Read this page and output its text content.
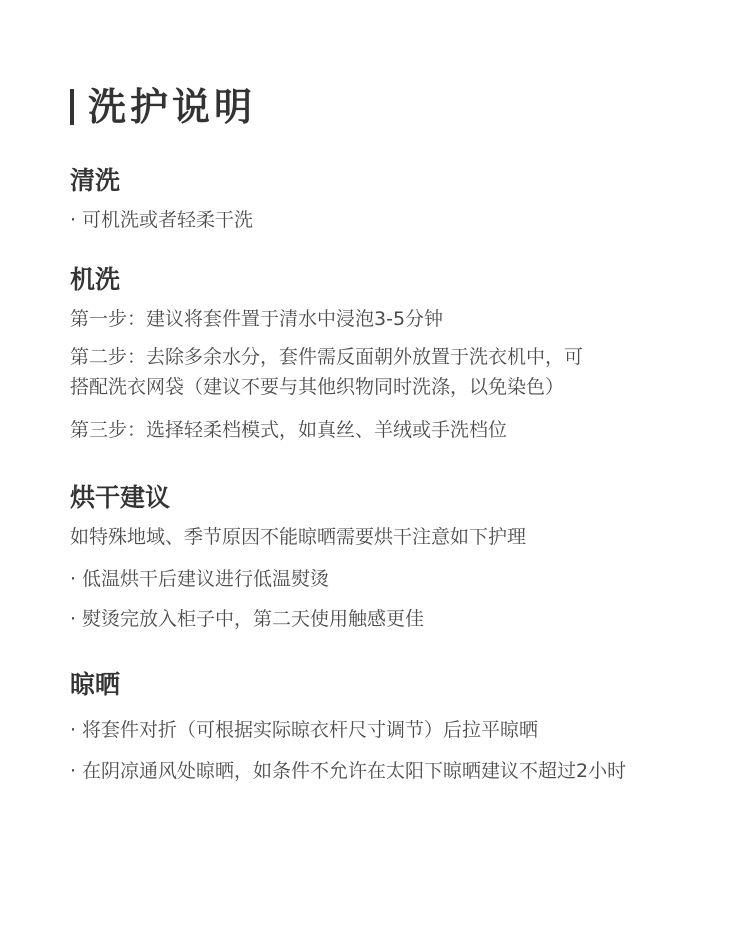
洗护说明
清洗
· 可机洗或者轻柔干洗
机洗
第一步：建议将套件置于清水中浸泡3-5分钟
第二步：去除多余水分，套件需反面朝外放置于洗衣机中，可
搭配洗衣网袋（建议不要与其他织物同时洗涤，以免染色）
第三步：选择轻柔档模式，如真丝、羊绒或手洗档位
烘干建议
如特殊地域、季节原因不能晾晒需要烘干注意如下护理
· 低温烘干后建议进行低温熨烫
· 熨烫完放入柜子中，第二天使用触感更佳
晾晒
· 将套件对折（可根据实际晾衣杆尺寸调节）后拉平晾晒
· 在阴凉通风处晾晒，如条件不允许在太阳下晾晒建议不超过2小时
